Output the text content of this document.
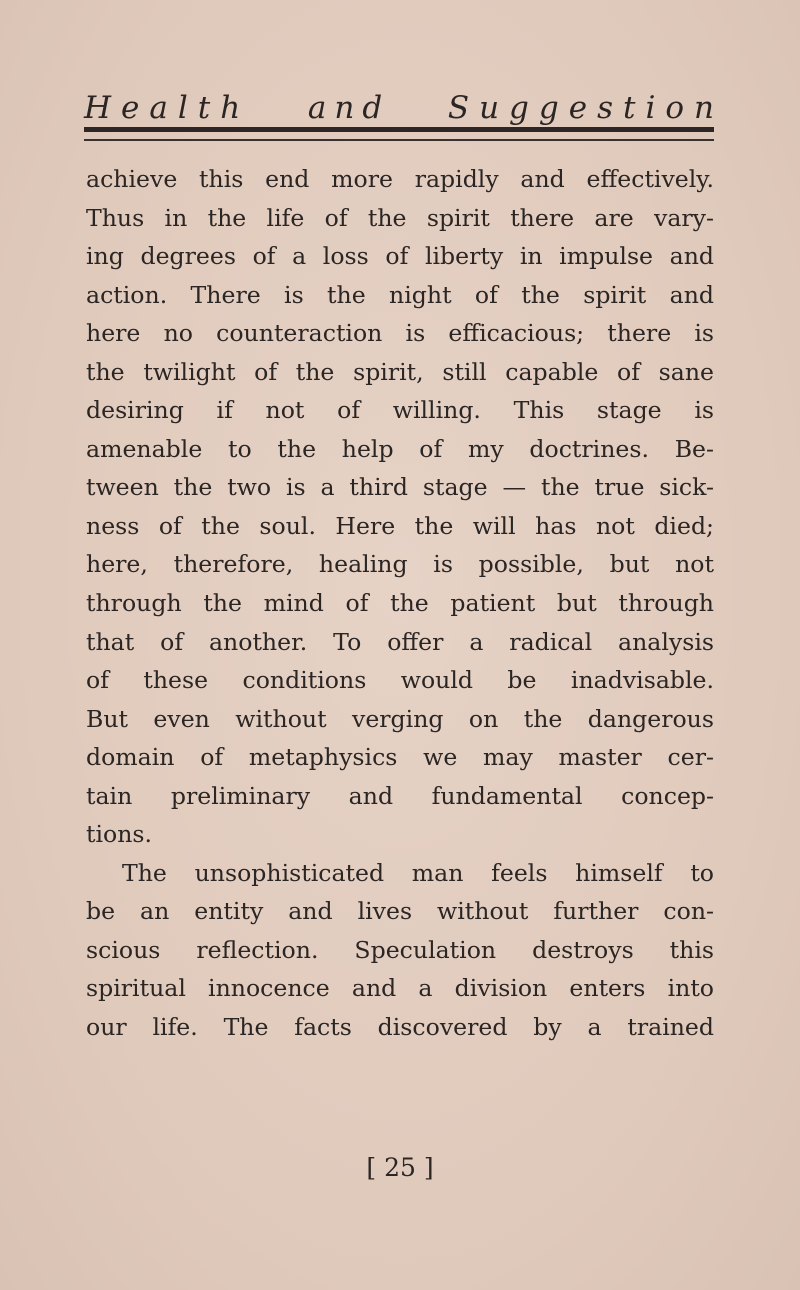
Health and Suggestion
achieve this end more rapidly and effectively.
Thus in the life of the spirit there are vary-
ing degrees of a loss of liberty in impulse and
action. There is the night of the spirit and
here no counteraction is efficacious; there is
the twilight of the spirit, still capable of sane
desiring if not of willing. This stage is
amenable to the help of my doctrines. Be-
tween the two is a third stage — the true sick-
ness of the soul. Here the will has not died;
here, therefore, healing is possible, but not
through the mind of the patient but through
that of another. To offer a radical analysis
of these conditions would be inadvisable.
But even without verging on the dangerous
domain of metaphysics we may master cer-
tain preliminary and fundamental concep-
tions.
The unsophisticated man feels himself to
be an entity and lives without further con-
scious reflection. Speculation destroys this
spiritual innocence and a division enters into
our life. The facts discovered by a trained
[ 25 ]
